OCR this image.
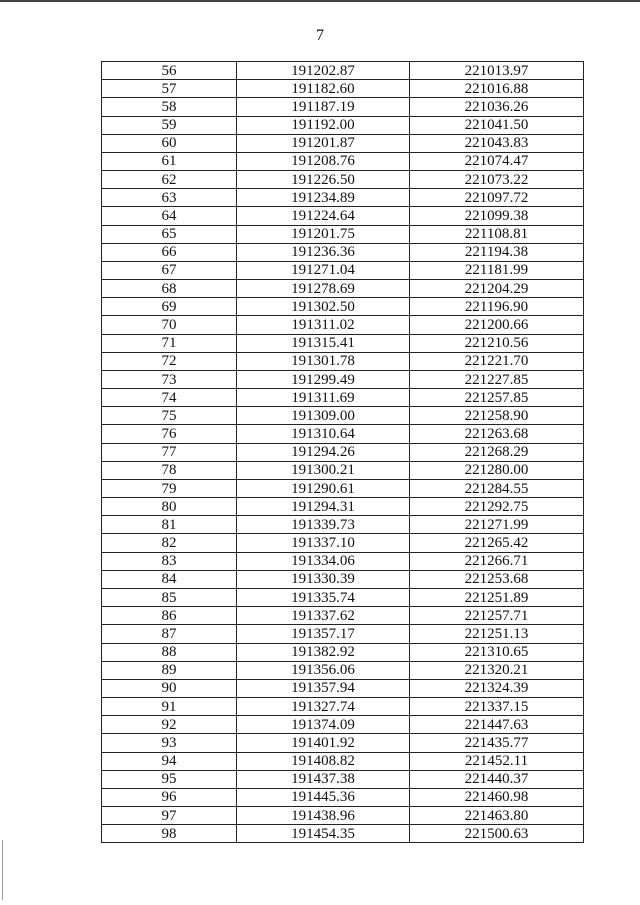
7
56	191202.87	221013.97
57	191182.60	221016.88
58	191187.19	221036.26
59	191192.00	221041.50
60	191201.87	221043.83
61	191208.76	221074.47
62	191226.50	221073.22
63	191234.89	221097.72
64	191224.64	221099.38
65	191201.75	221108.81
66	191236.36	221194.38
67	191271.04	221181.99
68	191278.69	221204.29
69	191302.50	221196.90
70	191311.02	221200.66
71	191315.41	221210.56
72	191301.78	221221.70
73	191299.49	221227.85
74	191311.69	221257.85
75	191309.00	221258.90
76	191310.64	221263.68
77	191294.26	221268.29
78	191300.21	221280.00
79	191290.61	221284.55
80	191294.31	221292.75
81	191339.73	221271.99
82	191337.10	221265.42
83	191334.06	221266.71
84	191330.39	221253.68
85	191335.74	221251.89
86	191337.62	221257.71
87	191357.17	221251.13
88	191382.92	221310.65
89	191356.06	221320.21
90	191357.94	221324.39
91	191327.74	221337.15
92	191374.09	221447.63
93	191401.92	221435.77
94	191408.82	221452.11
95	191437.38	221440.37
96	191445.36	221460.98
97	191438.96	221463.80
98	191454.35	221500.63
